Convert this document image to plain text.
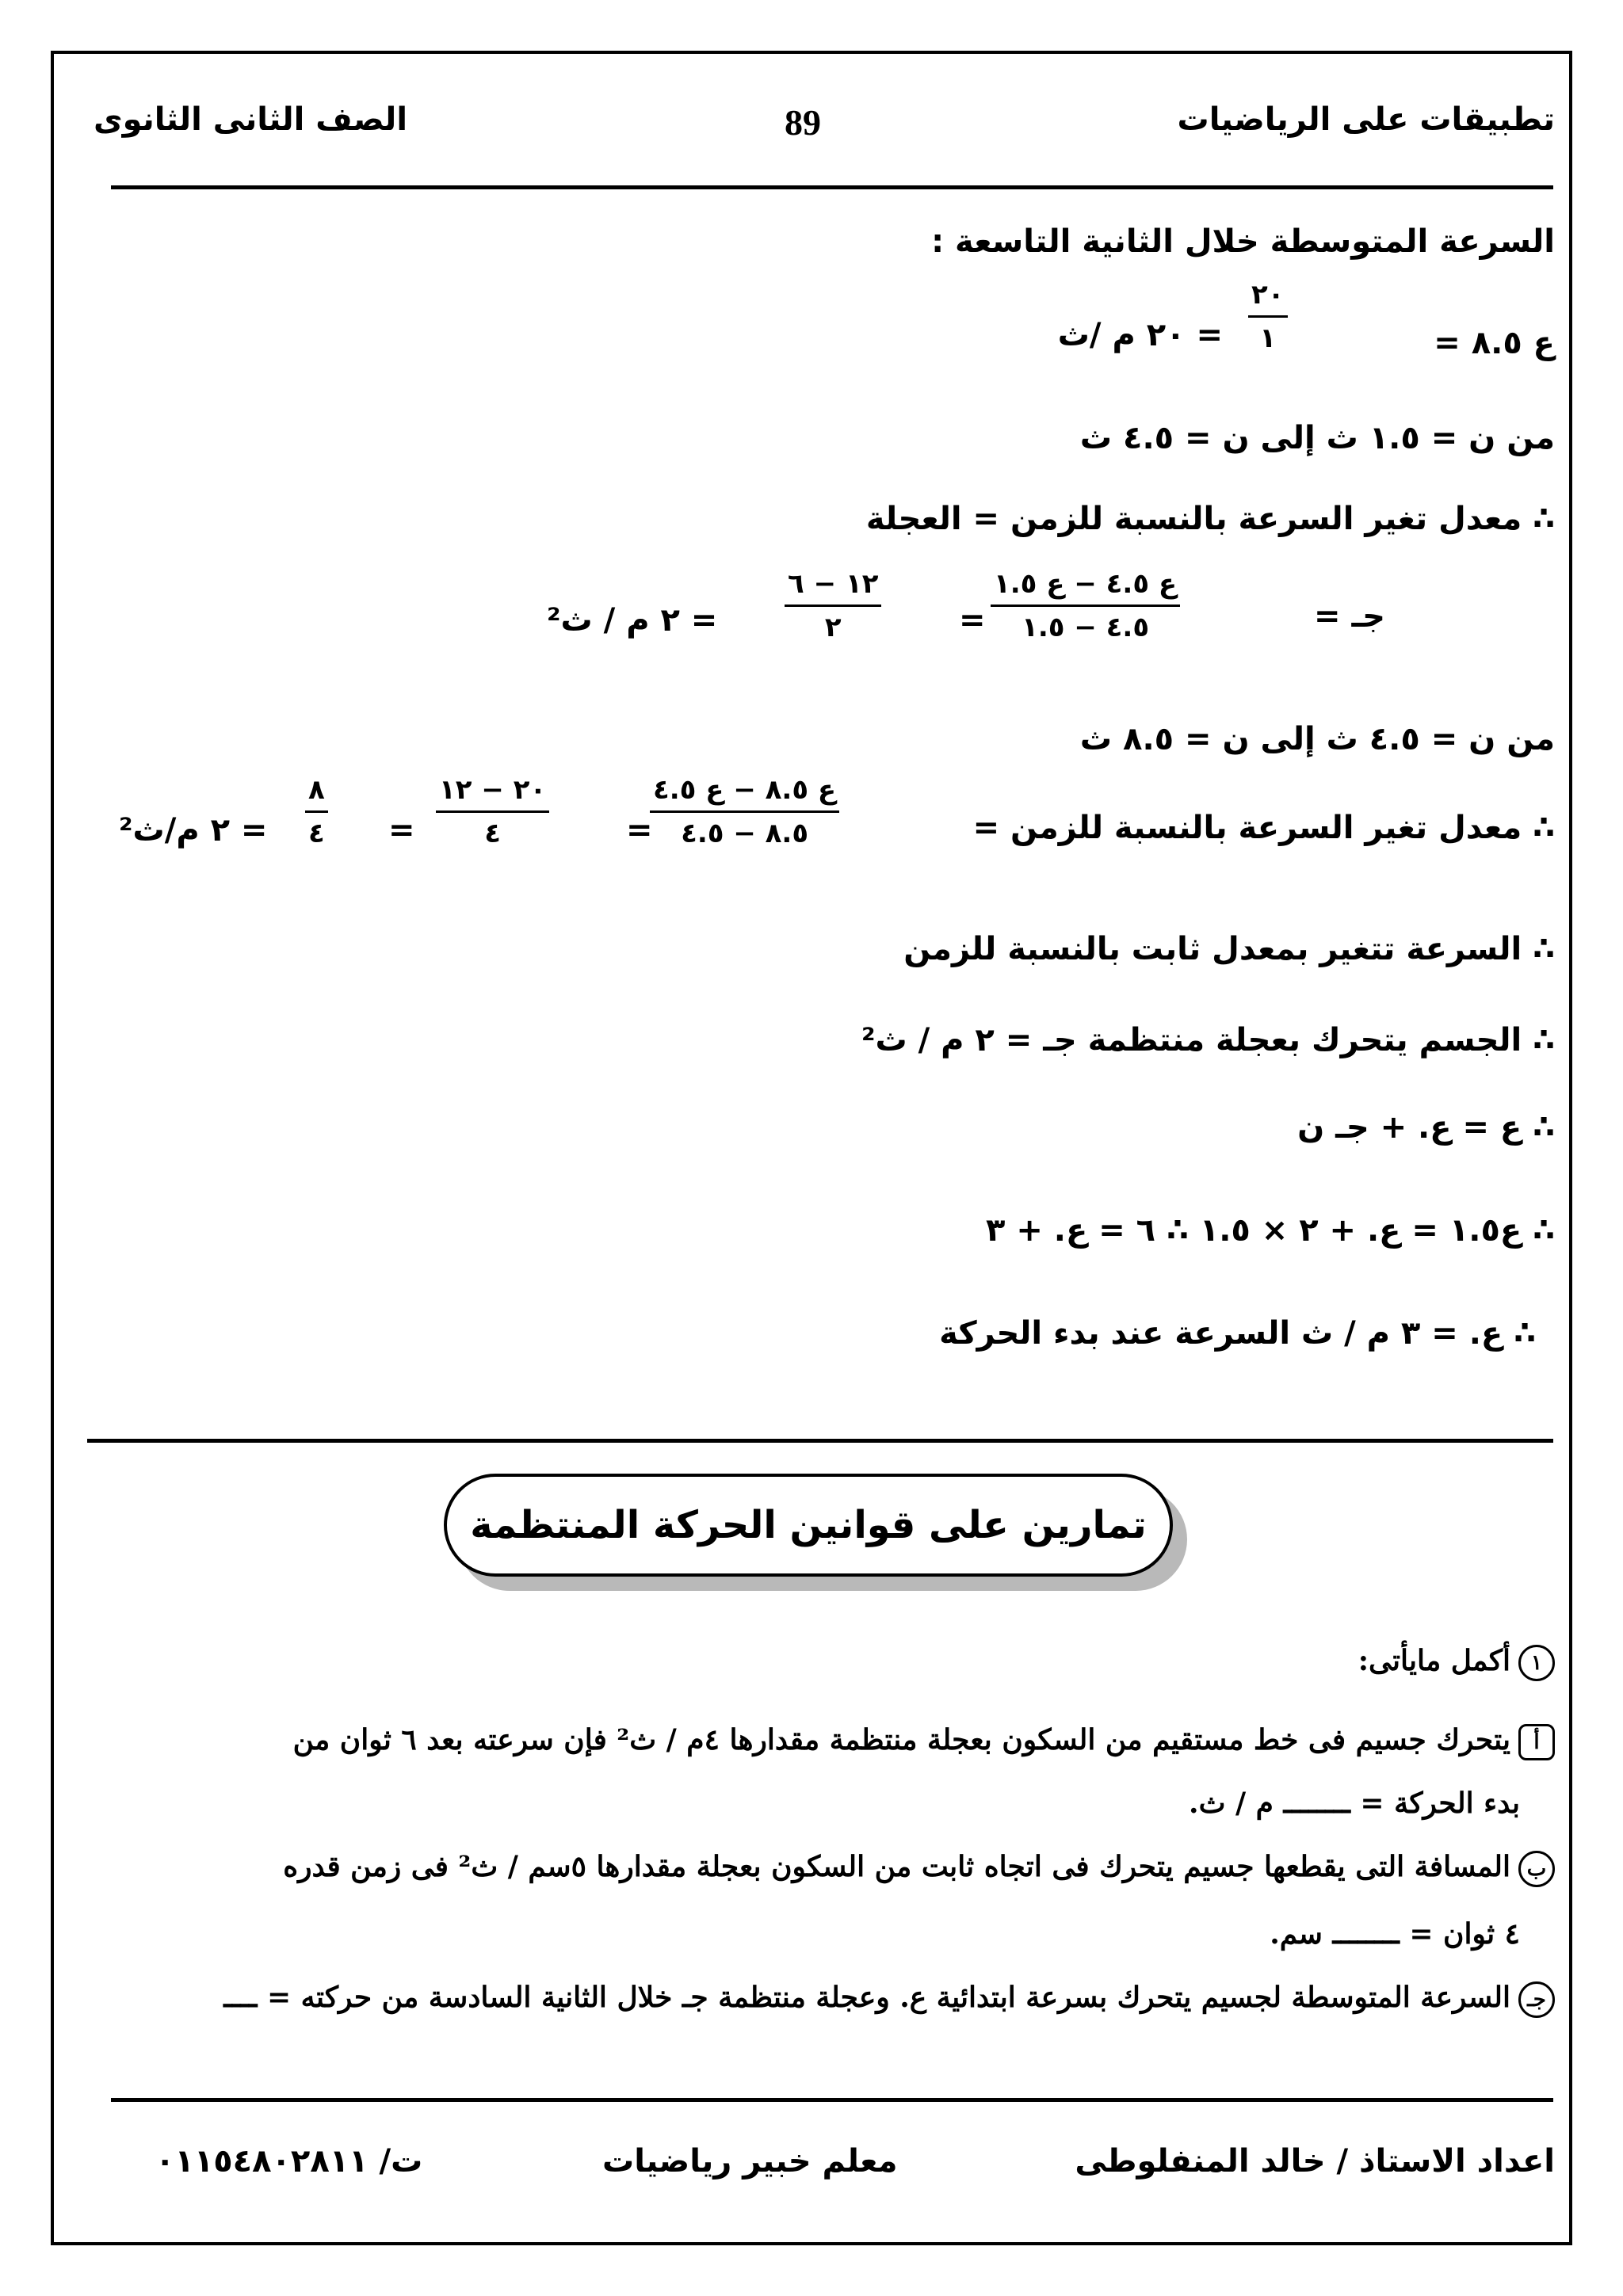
تطبيقات على الرياضيات
89
الصف الثانى الثانوى
السرعة المتوسطة خلال الثانية التاسعة :
ع ٨.٥ =
٢٠
١
= ٢٠ م /ث
من ن = ١.٥ ث إلى ن = ٤.٥ ث
∴ معدل تغير السرعة بالنسبة للزمن = العجلة
جـ =
ع ٤.٥ − ع ١.٥
٤.٥ − ١.٥
=
١٢ − ٦
٢
= ٢ م / ث²
من ن = ٤.٥ ث إلى ن = ٨.٥ ث
∴ معدل تغير السرعة بالنسبة للزمن =
ع ٨.٥ − ع ٤.٥
٨.٥ − ٤.٥
=
٢٠ − ١٢
٤
=
٨
٤
= ٢ م/ث²
∴ السرعة تتغير بمعدل ثابت بالنسبة للزمن
∴ الجسم يتحرك بعجلة منتظمة جـ = ٢ م / ث²
∴ ع = ع. + جـ ن
∴ ع١.٥ = ع. + ٢ × ١.٥ ∴ ٦ = ع. + ٣
∴ ع. = ٣ م / ث السرعة عند بدء الحركة
تمارين على قوانين الحركة المنتظمة
١أكمل مايأتى:
أيتحرك جسيم فى خط مستقيم من السكون بعجلة منتظمة مقدارها ٤م / ث² فإن سرعته بعد ٦ ثوان من
بدء الحركة = ــــــــ م / ث.
بالمسافة التى يقطعها جسيم يتحرك فى اتجاه ثابت من السكون بعجلة مقدارها ٥سم / ث² فى زمن قدره
٤ ثوان = ــــــــ سم.
جـالسرعة المتوسطة لجسيم يتحرك بسرعة ابتدائية ع. وعجلة منتظمة جـ خلال الثانية السادسة من حركته = ــــ
اعداد الاستاذ / خالد المنفلوطى
معلم خبير رياضيات
ت/ ٠١١٥٤٨٠٢٨١١
